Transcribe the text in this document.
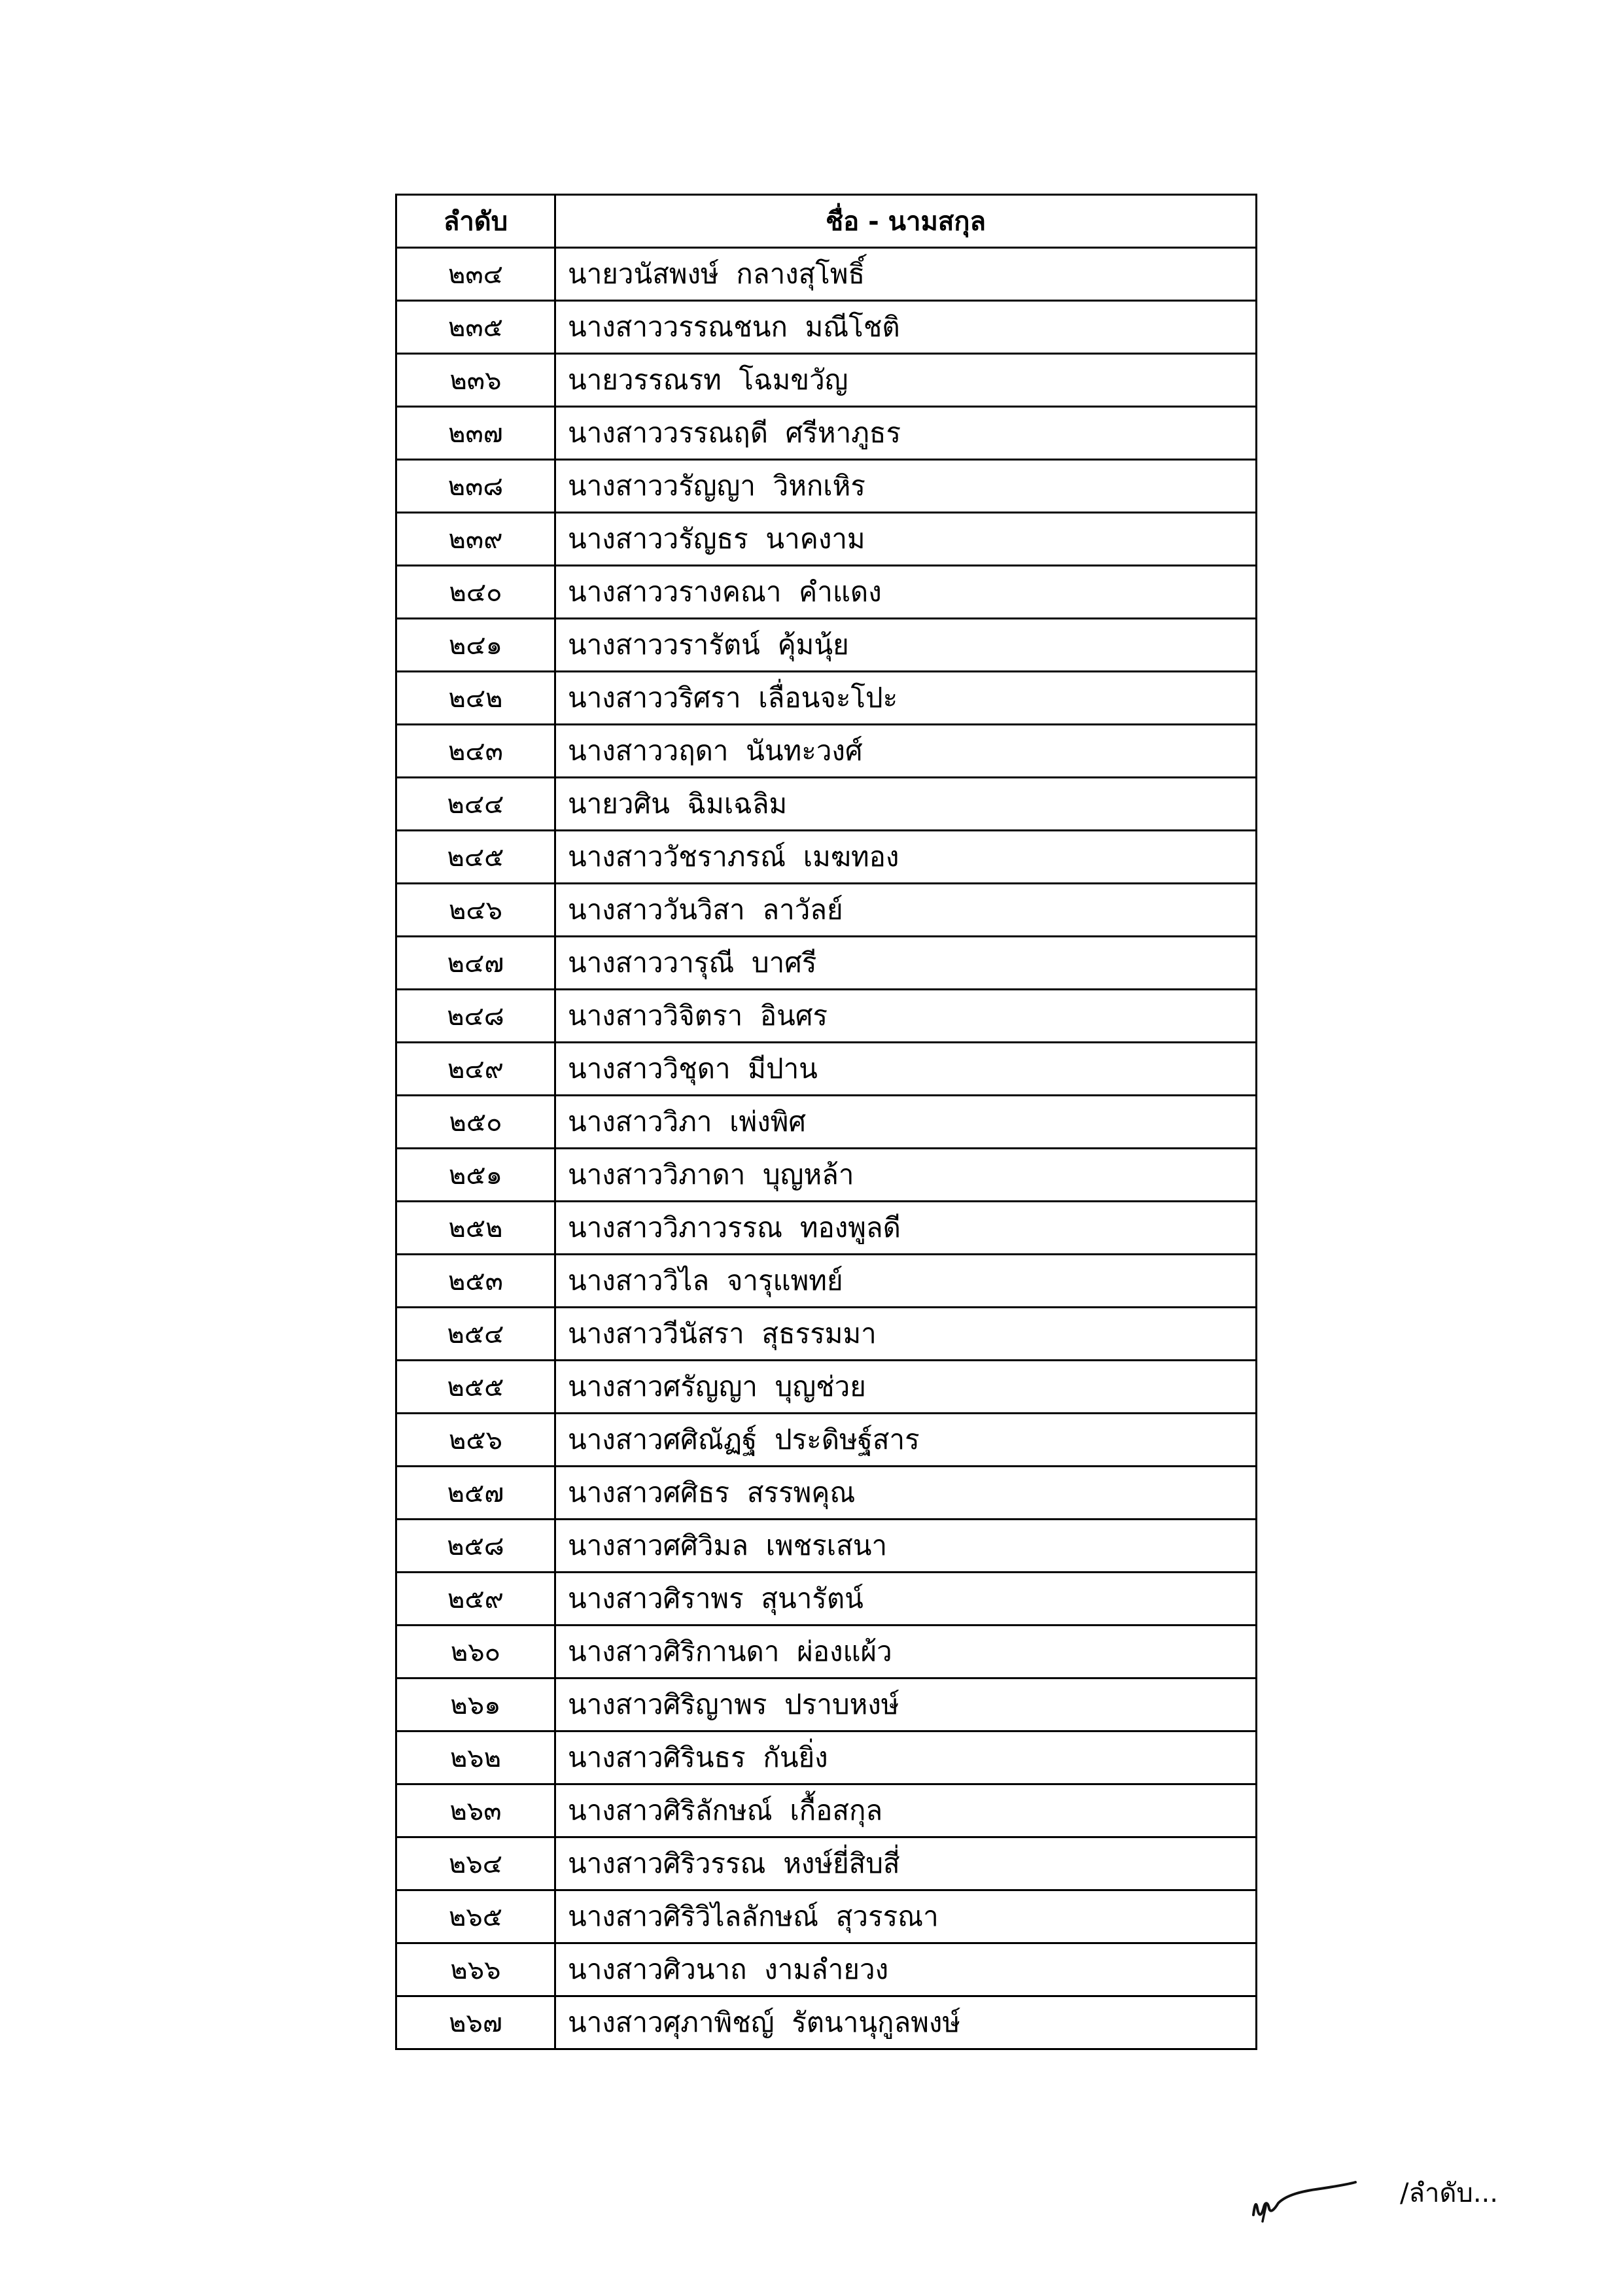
ลำดับ	ชื่อ - นามสกุล
๒๓๔	นายวนัสพงษ์  กลางสุโพธิ์
๒๓๕	นางสาววรรณชนก  มณีโชติ
๒๓๖	นายวรรณรท  โฉมขวัญ
๒๓๗	นางสาววรรณฤดี  ศรีหาภูธร
๒๓๘	นางสาววรัญญา  วิหกเหิร
๒๓๙	นางสาววรัญธร  นาคงาม
๒๔๐	นางสาววรางคณา  คำแดง
๒๔๑	นางสาววรารัตน์  คุ้มนุ้ย
๒๔๒	นางสาววริศรา  เลื่อนจะโปะ
๒๔๓	นางสาววฤดา  นันทะวงศ์
๒๔๔	นายวศิน  ฉิมเฉลิม
๒๔๕	นางสาววัชราภรณ์  เมฆทอง
๒๔๖	นางสาววันวิสา  ลาวัลย์
๒๔๗	นางสาววารุณี  บาศรี
๒๔๘	นางสาววิจิตรา  อินศร
๒๔๙	นางสาววิชุดา  มีปาน
๒๕๐	นางสาววิภา  เพ่งพิศ
๒๕๑	นางสาววิภาดา  บุญหล้า
๒๕๒	นางสาววิภาวรรณ  ทองพูลดี
๒๕๓	นางสาววิไล  จารุแพทย์
๒๕๔	นางสาววีนัสรา  สุธรรมมา
๒๕๕	นางสาวศรัญญา  บุญช่วย
๒๕๖	นางสาวศศิณัฏฐ์  ประดิษฐ์สาร
๒๕๗	นางสาวศศิธร  สรรพคุณ
๒๕๘	นางสาวศศิวิมล  เพชรเสนา
๒๕๙	นางสาวศิราพร  สุนารัตน์
๒๖๐	นางสาวศิริกานดา  ผ่องแผ้ว
๒๖๑	นางสาวศิริญาพร  ปราบหงษ์
๒๖๒	นางสาวศิรินธร  กันยิ่ง
๒๖๓	นางสาวศิริลักษณ์  เกื้อสกุล
๒๖๔	นางสาวศิริวรรณ  หงษ์ยี่สิบสี่
๒๖๕	นางสาวศิริวิไลลักษณ์  สุวรรณา
๒๖๖	นางสาวศิวนาถ  งามลำยวง
๒๖๗	นางสาวศุภาพิชญ์  รัตนานุกูลพงษ์
/ลำดับ...
